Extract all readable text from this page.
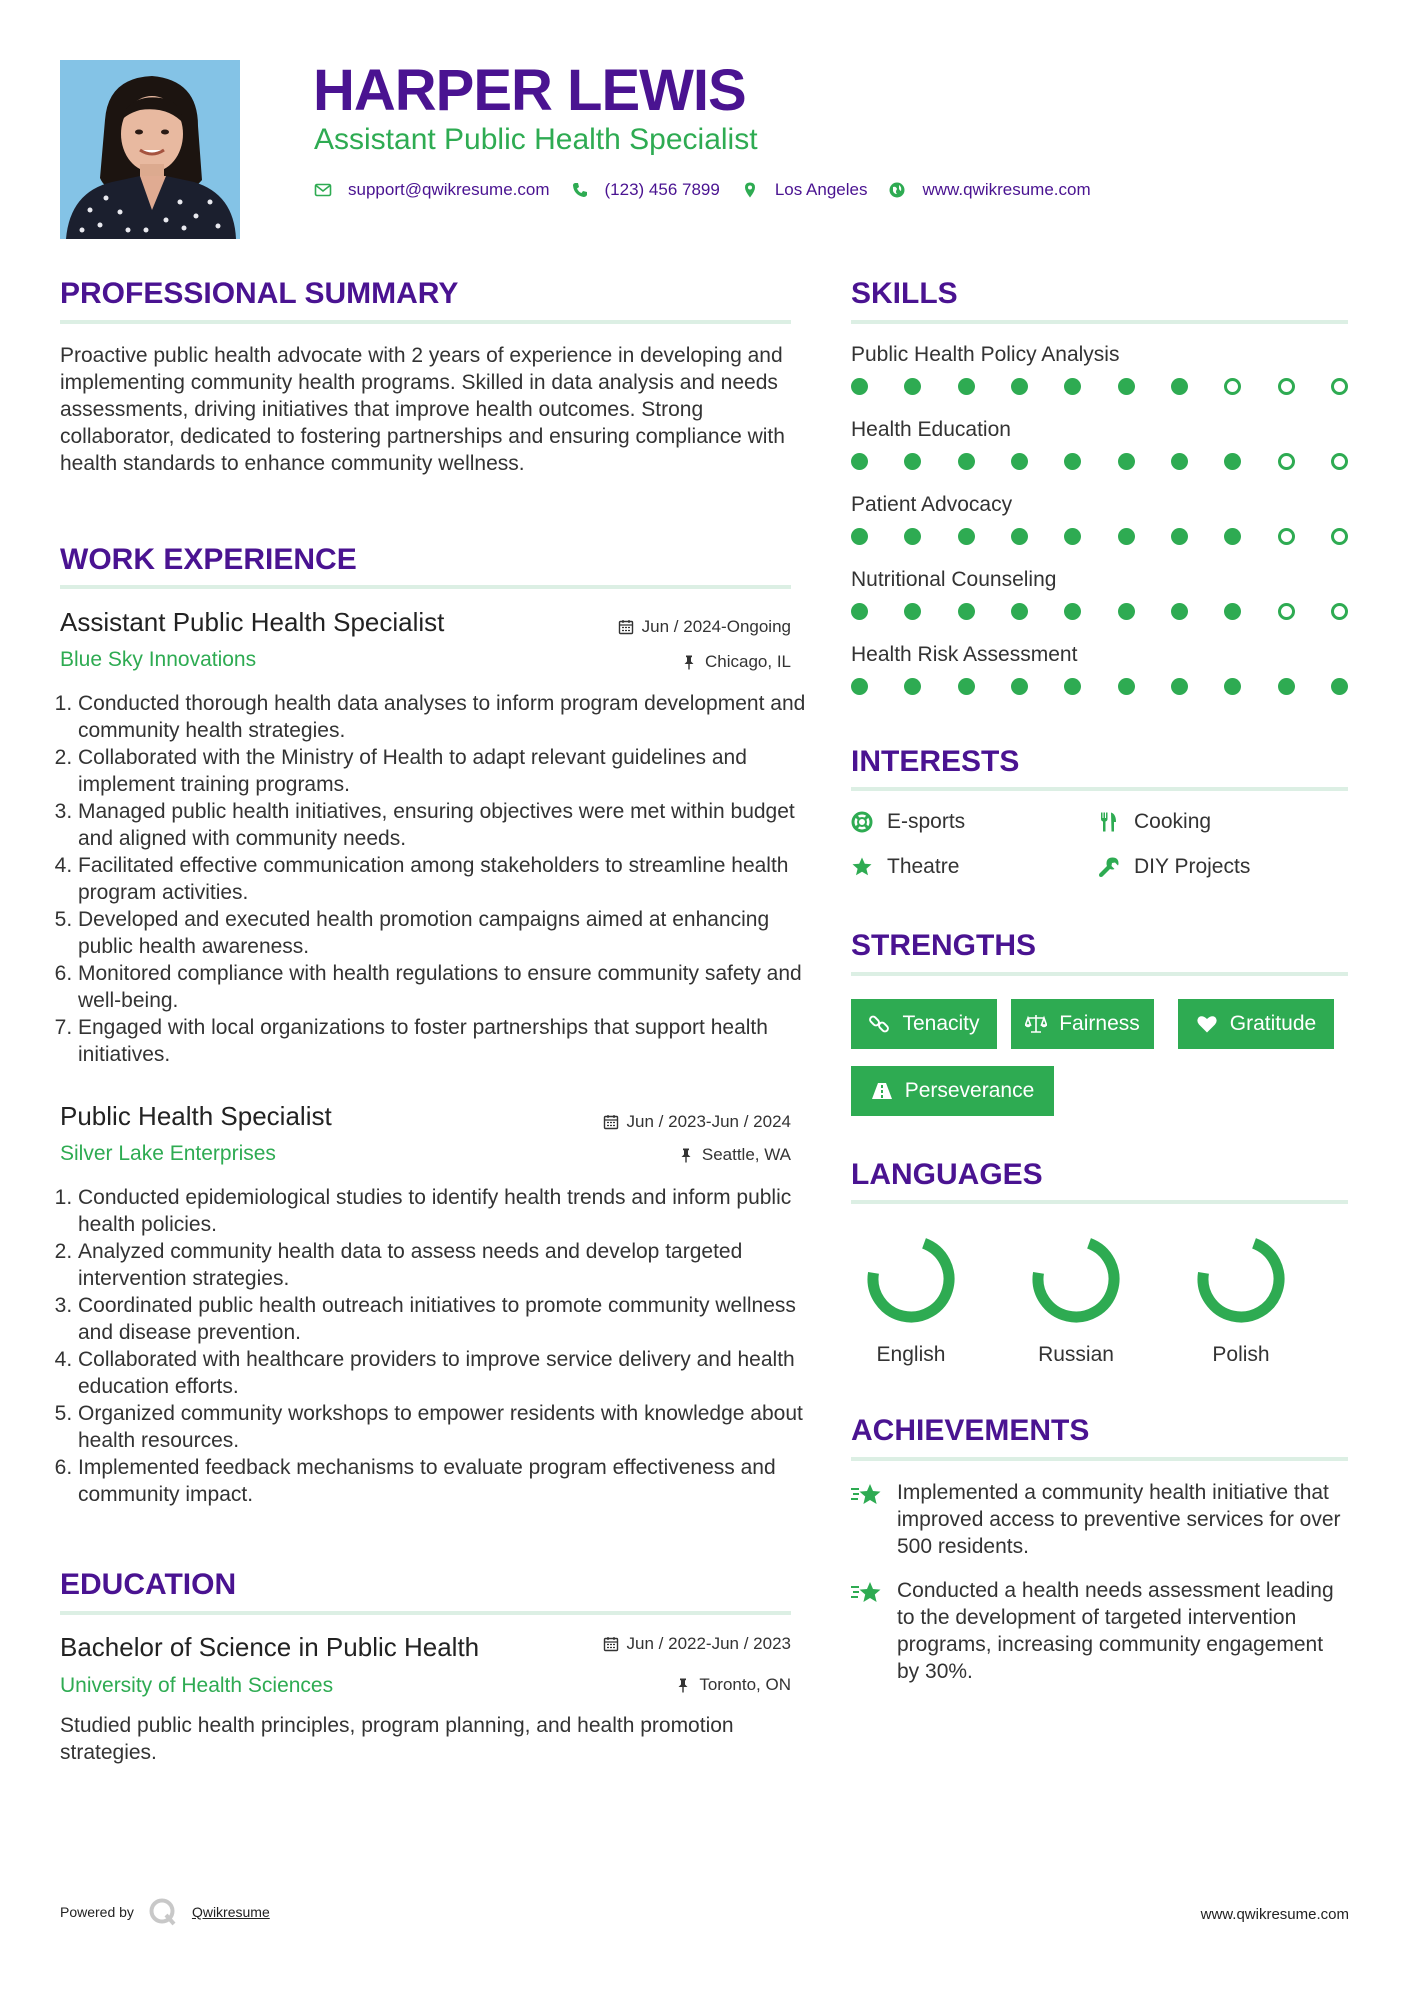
HARPER LEWIS
Assistant Public Health Specialist
support@qwikresume.com	(123) 456 7899	Los Angeles	www.qwikresume.com
PROFESSIONAL SUMMARY
Proactive public health advocate with 2 years of experience in developing and implementing community health programs. Skilled in data analysis and needs assessments, driving initiatives that improve health outcomes. Strong collaborator, dedicated to fostering partnerships and ensuring compliance with health standards to enhance community wellness.
WORK EXPERIENCE
Assistant Public Health Specialist	Jun / 2024-Ongoing
Blue Sky Innovations	Chicago, IL
1. Conducted thorough health data analyses to inform program development and community health strategies.
2. Collaborated with the Ministry of Health to adapt relevant guidelines and implement training programs.
3. Managed public health initiatives, ensuring objectives were met within budget and aligned with community needs.
4. Facilitated effective communication among stakeholders to streamline health program activities.
5. Developed and executed health promotion campaigns aimed at enhancing public health awareness.
6. Monitored compliance with health regulations to ensure community safety and well-being.
7. Engaged with local organizations to foster partnerships that support health initiatives.
Public Health Specialist	Jun / 2023-Jun / 2024
Silver Lake Enterprises	Seattle, WA
1. Conducted epidemiological studies to identify health trends and inform public health policies.
2. Analyzed community health data to assess needs and develop targeted intervention strategies.
3. Coordinated public health outreach initiatives to promote community wellness and disease prevention.
4. Collaborated with healthcare providers to improve service delivery and health education efforts.
5. Organized community workshops to empower residents with knowledge about health resources.
6. Implemented feedback mechanisms to evaluate program effectiveness and community impact.
EDUCATION
Bachelor of Science in Public Health	Jun / 2022-Jun / 2023
University of Health Sciences	Toronto, ON
Studied public health principles, program planning, and health promotion strategies.
SKILLS
Public Health Policy Analysis
Health Education
Patient Advocacy
Nutritional Counseling
Health Risk Assessment
INTERESTS
E-sports	Cooking
Theatre	DIY Projects
STRENGTHS
Tenacity	Fairness	Gratitude
Perseverance
LANGUAGES
English	Russian	Polish
ACHIEVEMENTS
Implemented a community health initiative that improved access to preventive services for over 500 residents.
Conducted a health needs assessment leading to the development of targeted intervention programs, increasing community engagement by 30%.
Powered by	Qwikresume	www.qwikresume.com
